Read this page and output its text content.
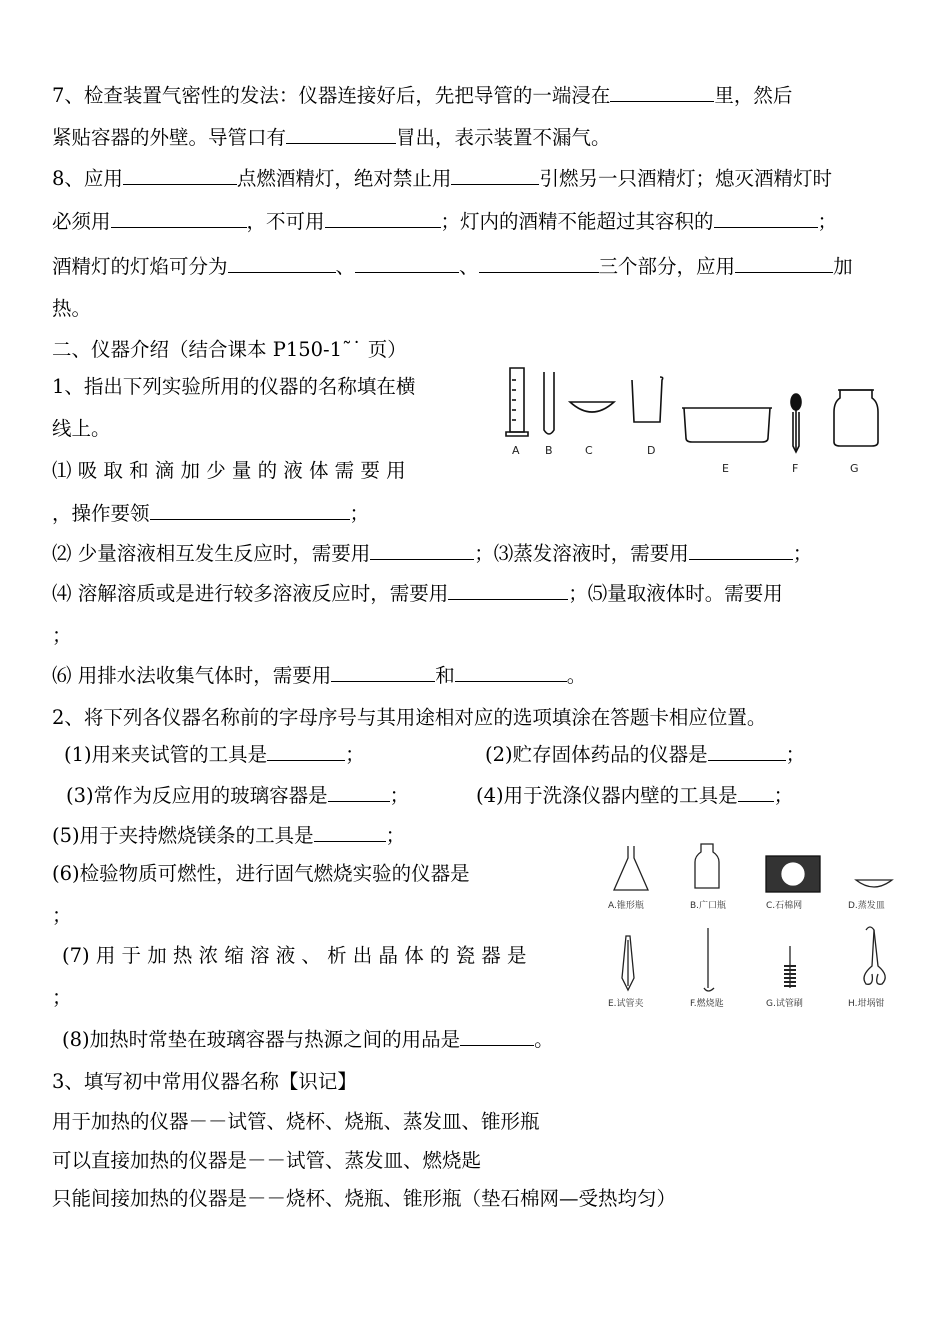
7、检查装置气密性的发法：仪器连接好后，先把导管的一端浸在	里，然后
紧贴容器的外壁。导管口有	冒出，表示装置不漏气。
8、应用	点燃酒精灯，绝对禁止用	引燃另一只酒精灯；熄灭酒精灯时
必须用	，不可用	；灯内的酒精不能超过其容积的	；
酒精灯的灯焰可分为	、	、	三个部分，应用	加
热。
二、仪器介绍（结合课本 P150-1˜˙ 页）
1、指出下列实验所用的仪器的名称填在横
线上。
⑴ 吸 取 和 滴 加 少 量 的 液 体 需 要 用
，操作要领	；
⑵ 少量溶液相互发生反应时，需要用	；⑶蒸发溶液时，需要用	；
⑷ 溶解溶质或是进行较多溶液反应时，需要用	；⑸量取液体时。需要用
；
⑹ 用排水法收集气体时，需要用	和	。
A B	C	D
E	F	G
2、将下列各仪器名称前的字母序号与其用途相对应的选项填涂在答题卡相应位置。
(1)用来夹试管的工具是	；	(2)贮存固体药品的仪器是	；
(3)常作为反应用的玻璃容器是	；	(4)用于洗涤仪器内壁的工具是 ；
(5)用于夹持燃烧镁条的工具是	；
(6)检验物质可燃性，进行固气燃烧实验的仪器是
；
(7) 用 于 加 热 浓 缩 溶 液 、 析 出 晶 体 的 瓷 器 是
；
(8)加热时常垫在玻璃容器与热源之间的用品是	。
A.锥形瓶	B.广口瓶	C.石棉网	D.蒸发皿
E.试管夹	F.燃烧匙	G.试管刷	H.坩埚钳
3、填写初中常用仪器名称【识记】
用于加热的仪器－－试管、烧杯、烧瓶、蒸发皿、锥形瓶
可以直接加热的仪器是－－试管、蒸发皿、燃烧匙
只能间接加热的仪器是－－烧杯、烧瓶、锥形瓶（垫石棉网—受热均匀）
